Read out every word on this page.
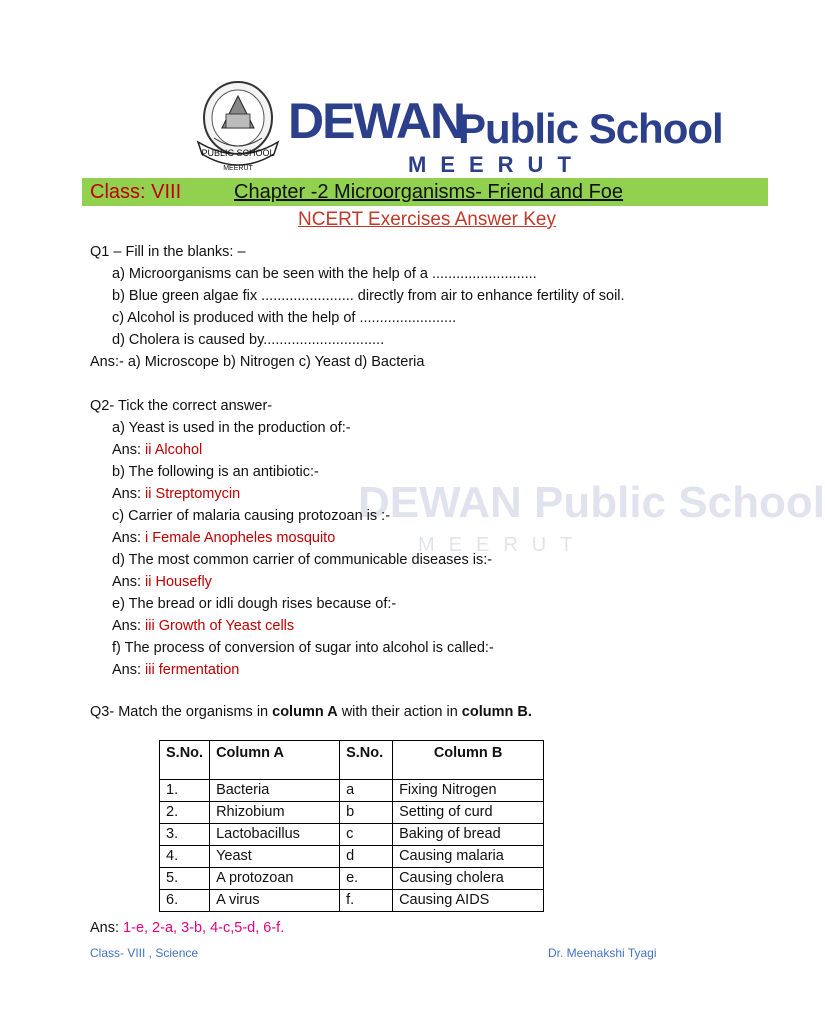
PUBLIC SCHOOL
MEERUT
DEWAN
Public School
MEERUT
Class: VIII	Chapter -2 Microorganisms- Friend and Foe
NCERT Exercises Answer Key
DEWAN Public School
MEERUT
Q1 – Fill in the blanks: –
a) Microorganisms can be seen with the help of a ..........................
b) Blue green algae fix ....................... directly from air to enhance fertility of soil.
c) Alcohol is produced with the help of ........................
d) Cholera is caused by..............................
Ans:- a) Microscope b) Nitrogen c) Yeast d) Bacteria
Q2- Tick the correct answer-
a) Yeast is used in the production of:-
Ans: ii Alcohol
b) The following is an antibiotic:-
Ans: ii Streptomycin
c) Carrier of malaria causing protozoan is :-
Ans: i Female Anopheles mosquito
d) The most common carrier of communicable diseases is:-
Ans: ii Housefly
e) The bread or idli dough rises because of:-
Ans: iii Growth of Yeast cells
f) The process of conversion of sugar into alcohol is called:-
Ans: iii fermentation
Q3- Match the organisms in column A with their action in column B.
S.No.	Column A	S.No.	Column B
1.	Bacteria	a	Fixing Nitrogen
2.	Rhizobium	b	Setting of curd
3.	Lactobacillus	c	Baking of bread
4.	Yeast	d	Causing malaria
5.	A protozoan	e.	Causing cholera
6.	A virus	f.	Causing AIDS
Ans: 1-e, 2-a, 3-b, 4-c,5-d, 6-f.
Class- VIII , Science	Dr. Meenakshi Tyagi
